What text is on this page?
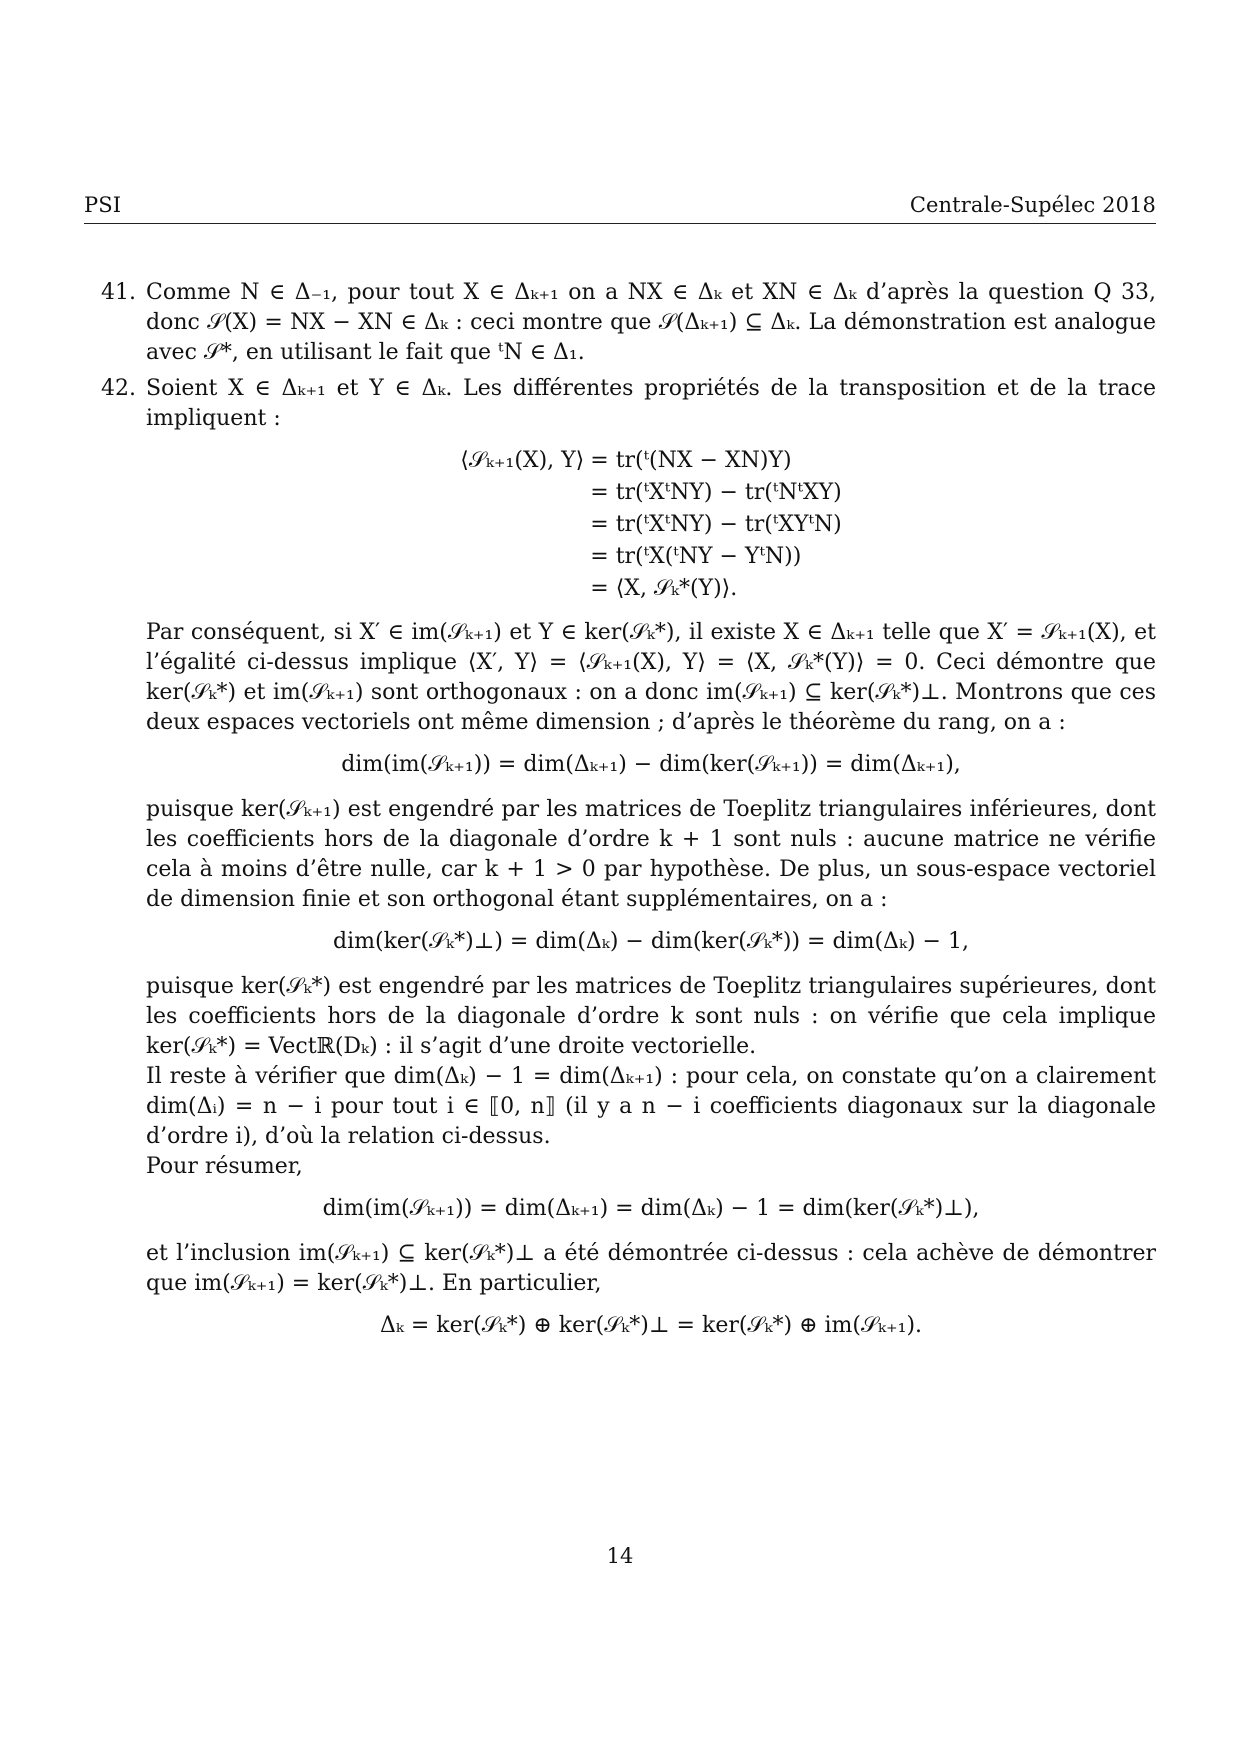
PSI	Centrale-Supélec 2018
41. Comme N ∈ Δ₋₁, pour tout X ∈ Δₖ₊₁ on a NX ∈ Δₖ et XN ∈ Δₖ d’après la question Q 33, donc 𝒮(X) = NX − XN ∈ Δₖ : ceci montre que 𝒮(Δₖ₊₁) ⊆ Δₖ. La démonstration est analogue avec 𝒮*, en utilisant le fait que ᵗN ∈ Δ₁.

42. Soient X ∈ Δₖ₊₁ et Y ∈ Δₖ. Les différentes propriétés de la transposition et de la trace impliquent :

⟨𝒮ₖ₊₁(X), Y⟩ = tr(ᵗ(NX − XN)Y)
= tr(ᵗXᵗNY) − tr(ᵗNᵗXY)
= tr(ᵗXᵗNY) − tr(ᵗXYᵗN)
= tr(ᵗX(ᵗNY − YᵗN))
= ⟨X, 𝒮ₖ*(Y)⟩.

Par conséquent, si X′ ∈ im(𝒮ₖ₊₁) et Y ∈ ker(𝒮ₖ*), il existe X ∈ Δₖ₊₁ telle que X′ = 𝒮ₖ₊₁(X), et l’égalité ci-dessus implique ⟨X′, Y⟩ = ⟨𝒮ₖ₊₁(X), Y⟩ = ⟨X, 𝒮ₖ*(Y)⟩ = 0. Ceci démontre que ker(𝒮ₖ*) et im(𝒮ₖ₊₁) sont orthogonaux : on a donc im(𝒮ₖ₊₁) ⊆ ker(𝒮ₖ*)⊥. Montrons que ces deux espaces vectoriels ont même dimension ; d’après le théorème du rang, on a :

dim(im(𝒮ₖ₊₁)) = dim(Δₖ₊₁) − dim(ker(𝒮ₖ₊₁)) = dim(Δₖ₊₁),

puisque ker(𝒮ₖ₊₁) est engendré par les matrices de Toeplitz triangulaires inférieures, dont les coefficients hors de la diagonale d’ordre k + 1 sont nuls : aucune matrice ne vérifie cela à moins d’être nulle, car k + 1 > 0 par hypothèse. De plus, un sous-espace vectoriel de dimension finie et son orthogonal étant supplémentaires, on a :

dim(ker(𝒮ₖ*)⊥) = dim(Δₖ) − dim(ker(𝒮ₖ*)) = dim(Δₖ) − 1,

puisque ker(𝒮ₖ*) est engendré par les matrices de Toeplitz triangulaires supérieures, dont les coefficients hors de la diagonale d’ordre k sont nuls : on vérifie que cela implique ker(𝒮ₖ*) = Vectℝ(Dₖ) : il s’agit d’une droite vectorielle.

Il reste à vérifier que dim(Δₖ) − 1 = dim(Δₖ₊₁) : pour cela, on constate qu’on a clairement dim(Δᵢ) = n − i pour tout i ∈ ⟦0, n⟧ (il y a n − i coefficients diagonaux sur la diagonale d’ordre i), d’où la relation ci-dessus.

Pour résumer,

dim(im(𝒮ₖ₊₁)) = dim(Δₖ₊₁) = dim(Δₖ) − 1 = dim(ker(𝒮ₖ*)⊥),

et l’inclusion im(𝒮ₖ₊₁) ⊆ ker(𝒮ₖ*)⊥ a été démontrée ci-dessus : cela achève de démontrer que im(𝒮ₖ₊₁) = ker(𝒮ₖ*)⊥. En particulier,

Δₖ = ker(𝒮ₖ*) ⊕ ker(𝒮ₖ*)⊥ = ker(𝒮ₖ*) ⊕ im(𝒮ₖ₊₁).
14
